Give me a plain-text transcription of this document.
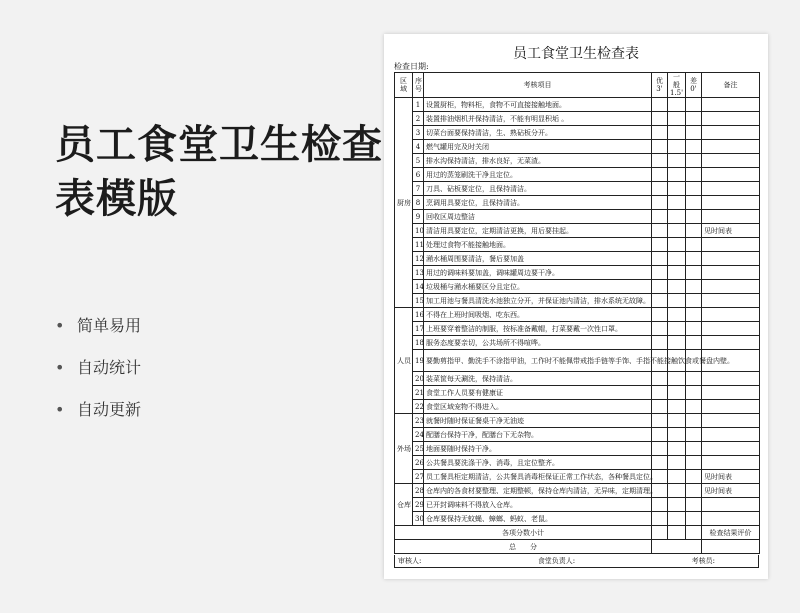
员工食堂卫生检查表模版
• 简单易用
• 自动统计
• 自动更新
员工食堂卫生检查表
检查日期:
区域	序号	考核项目	优3'	一般1.5'	差0'	备注
厨房	1	设置厨柜，物料柜，食物不可直接接触地面。				
	2	装置排油烟机并保持清洁，不能有明显积垢 。				
	3	切菜台面要保持清洁，生、熟砧板分开。				
	4	燃气罐用完及时关闭				
	5	排水沟保持清洁，排水良好，无菜渣。				
	6	用过的蒸笼刷洗干净且定位。				
	7	刀具、砧板要定位，且保持清洁。				
	8	烹调用具要定位，且保持清洁。				
	9	回收区周边整洁				
	10	清洁用具要定位，定期清洁更换，用后要挂起。				见时间表
	11	处理过食物不能接触地面。				
	12	潲水桶周围要清洁，餐后要加盖				
	13	用过的调味料要加盖，调味罐周边要干净。				
	14	垃圾桶与潲水桶要区分且定位。				
	15	加工用池与餐具清洗水池独立分开，并保证池内清洁，排水系统无故障。				
人员	16	不得在上班时间吸烟、吃东西。				
	17	上班要穿着整洁的制服，按标准备戴帽，打菜要戴一次性口罩。				
	18	服务态度要亲切，公共场所不得喧哗。				
	19	要勤剪指甲、勤洗手不涂指甲油，工作时不能佩带戒指手链等手饰、手指不能接触饮食或餐盘内壁。				
	20	装菜筐每天涮洗，保持清洁。				
	21	食堂工作人员要有健康证				
	22	食堂区域宠物不得进入。				
外场	23	就餐时随时保证餐桌干净无油迹				
	24	配膳台保持干净，配膳台下无杂物。				
	25	地面要随时保持干净。				
	26	公共餐具要洗涤干净、消毒，且定位整齐。				
	27	员工餐具柜定期清洁，公共餐具消毒柜保证正常工作状态，各种餐具定位。				见时间表
仓库	28	仓库内的各食材要整理、定期整顿，保持仓库内清洁，无异味，定期清理。				见时间表
	29	已开封调味料不得放入仓库。				
	30	仓库要保持无蚊蝇、蟑螂、蚂蚁、老鼠。				
各项分数小计						检查结果评价
总　　分						
审核人:	食堂负责人:	考核员:
